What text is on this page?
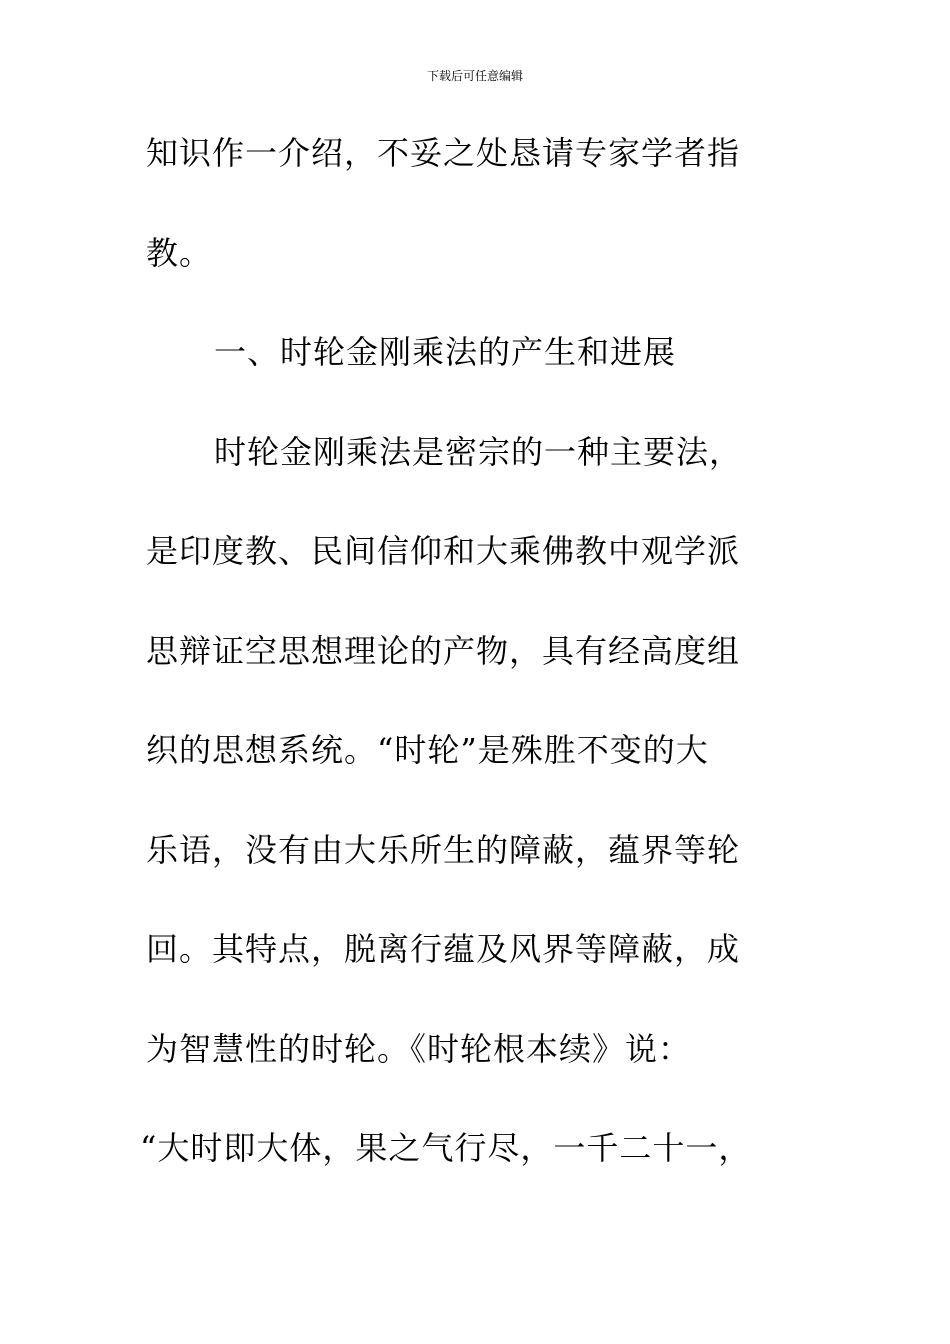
下载后可任意编辑
知识作一介绍，不妥之处恳请专家学者指
教。
一、时轮金刚乘法的产生和进展
时轮金刚乘法是密宗的一种主要法，
是印度教、民间信仰和大乘佛教中观学派
思辩证空思想理论的产物，具有经高度组
织的思想系统。“时轮”是殊胜不变的大
乐语，没有由大乐所生的障蔽，蕴界等轮
回。其特点，脱离行蕴及风界等障蔽，成
为智慧性的时轮。《时轮根本续》说：
“大时即大体，果之气行尽，一千二十一，
